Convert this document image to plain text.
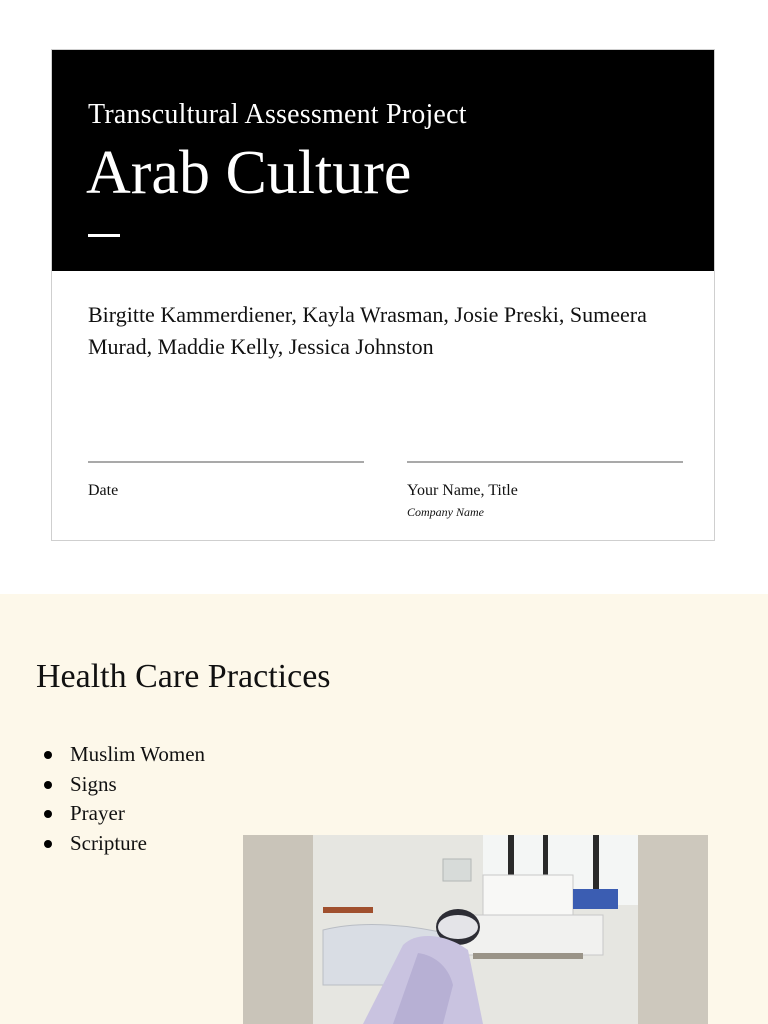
Transcultural Assessment Project
Arab Culture
Birgitte Kammerdiener, Kayla Wrasman, Josie Preski, Sumeera Murad, Maddie Kelly, Jessica Johnston
Date	Your Name, Title
Company Name
Health Care Practices
Muslim Women
Signs
Prayer
Scripture
